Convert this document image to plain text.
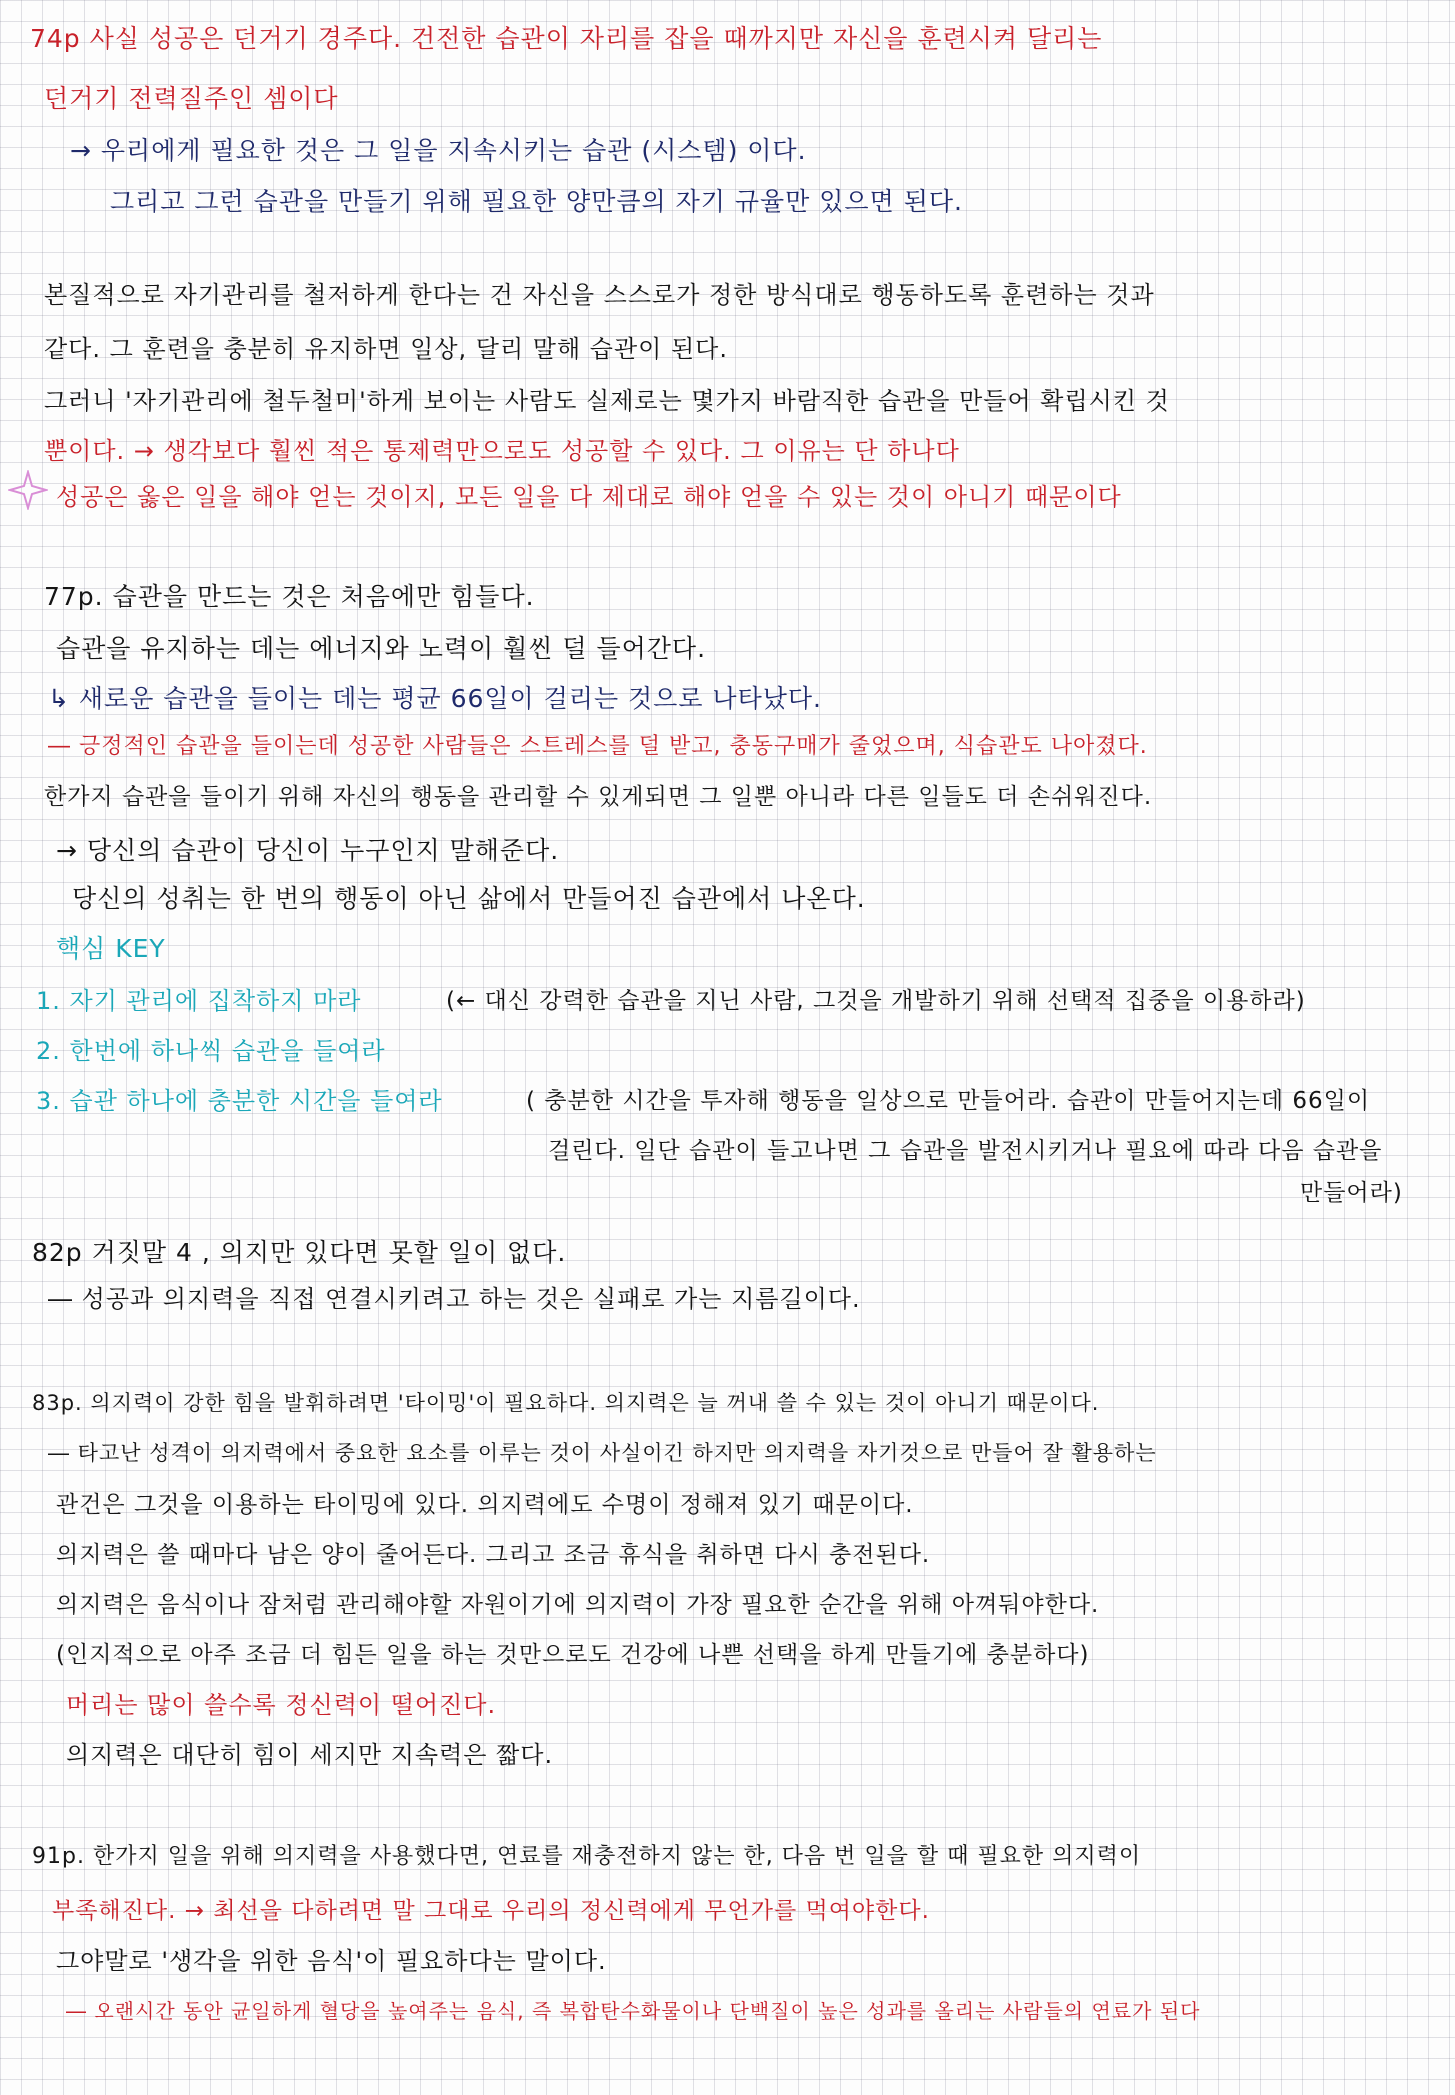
74p 사실 성공은 던거기 경주다. 건전한 습관이 자리를 잡을 때까지만 자신을 훈련시켜 달리는
던거기 전력질주인 셈이다
→ 우리에게 필요한 것은 그 일을 지속시키는 습관 (시스템) 이다.
그리고 그런 습관을 만들기 위해 필요한 양만큼의 자기 규율만 있으면 된다.
본질적으로 자기관리를 철저하게 한다는 건 자신을 스스로가 정한 방식대로 행동하도록 훈련하는 것과
같다. 그 훈련을 충분히 유지하면 일상, 달리 말해 습관이 된다.
그러니 '자기관리에 철두철미'하게 보이는 사람도 실제로는 몇가지 바람직한 습관을 만들어 확립시킨 것
뿐이다. → 생각보다 훨씬 적은 통제력만으로도 성공할 수 있다. 그 이유는 단 하나다
성공은 옳은 일을 해야 얻는 것이지, 모든 일을 다 제대로 해야 얻을 수 있는 것이 아니기 때문이다
77p. 습관을 만드는 것은 처음에만 힘들다.
습관을 유지하는 데는 에너지와 노력이 훨씬 덜 들어간다.
↳ 새로운 습관을 들이는 데는 평균 66일이 걸리는 것으로 나타났다.
― 긍정적인 습관을 들이는데 성공한 사람들은 스트레스를 덜 받고, 충동구매가 줄었으며, 식습관도 나아졌다.
한가지 습관을 들이기 위해 자신의 행동을 관리할 수 있게되면 그 일뿐 아니라 다른 일들도 더 손쉬워진다.
→ 당신의 습관이 당신이 누구인지 말해준다.
당신의 성취는 한 번의 행동이 아닌 삶에서 만들어진 습관에서 나온다.
핵심 KEY
1. 자기 관리에 집착하지 마라	(← 대신 강력한 습관을 지닌 사람, 그것을 개발하기 위해 선택적 집중을 이용하라)
2. 한번에 하나씩 습관을 들여라
3. 습관 하나에 충분한 시간을 들여라	( 충분한 시간을 투자해 행동을 일상으로 만들어라. 습관이 만들어지는데 66일이
걸린다. 일단 습관이 들고나면 그 습관을 발전시키거나 필요에 따라 다음 습관을
만들어라)
82p 거짓말 4 , 의지만 있다면 못할 일이 없다.
― 성공과 의지력을 직접 연결시키려고 하는 것은 실패로 가는 지름길이다.
83p. 의지력이 강한 힘을 발휘하려면 '타이밍'이 필요하다. 의지력은 늘 꺼내 쓸 수 있는 것이 아니기 때문이다.
― 타고난 성격이 의지력에서 중요한 요소를 이루는 것이 사실이긴 하지만 의지력을 자기것으로 만들어 잘 활용하는
관건은 그것을 이용하는 타이밍에 있다. 의지력에도 수명이 정해져 있기 때문이다.
의지력은 쓸 때마다 남은 양이 줄어든다. 그리고 조금 휴식을 취하면 다시 충전된다.
의지력은 음식이나 잠처럼 관리해야할 자원이기에 의지력이 가장 필요한 순간을 위해 아껴둬야한다.
(인지적으로 아주 조금 더 힘든 일을 하는 것만으로도 건강에 나쁜 선택을 하게 만들기에 충분하다)
머리는 많이 쓸수록 정신력이 떨어진다.
의지력은 대단히 힘이 세지만 지속력은 짧다.
91p. 한가지 일을 위해 의지력을 사용했다면, 연료를 재충전하지 않는 한, 다음 번 일을 할 때 필요한 의지력이
부족해진다. → 최선을 다하려면 말 그대로 우리의 정신력에게 무언가를 먹여야한다.
그야말로 '생각을 위한 음식'이 필요하다는 말이다.
― 오랜시간 동안 균일하게 혈당을 높여주는 음식, 즉 복합탄수화물이나 단백질이 높은 성과를 올리는 사람들의 연료가 된다
